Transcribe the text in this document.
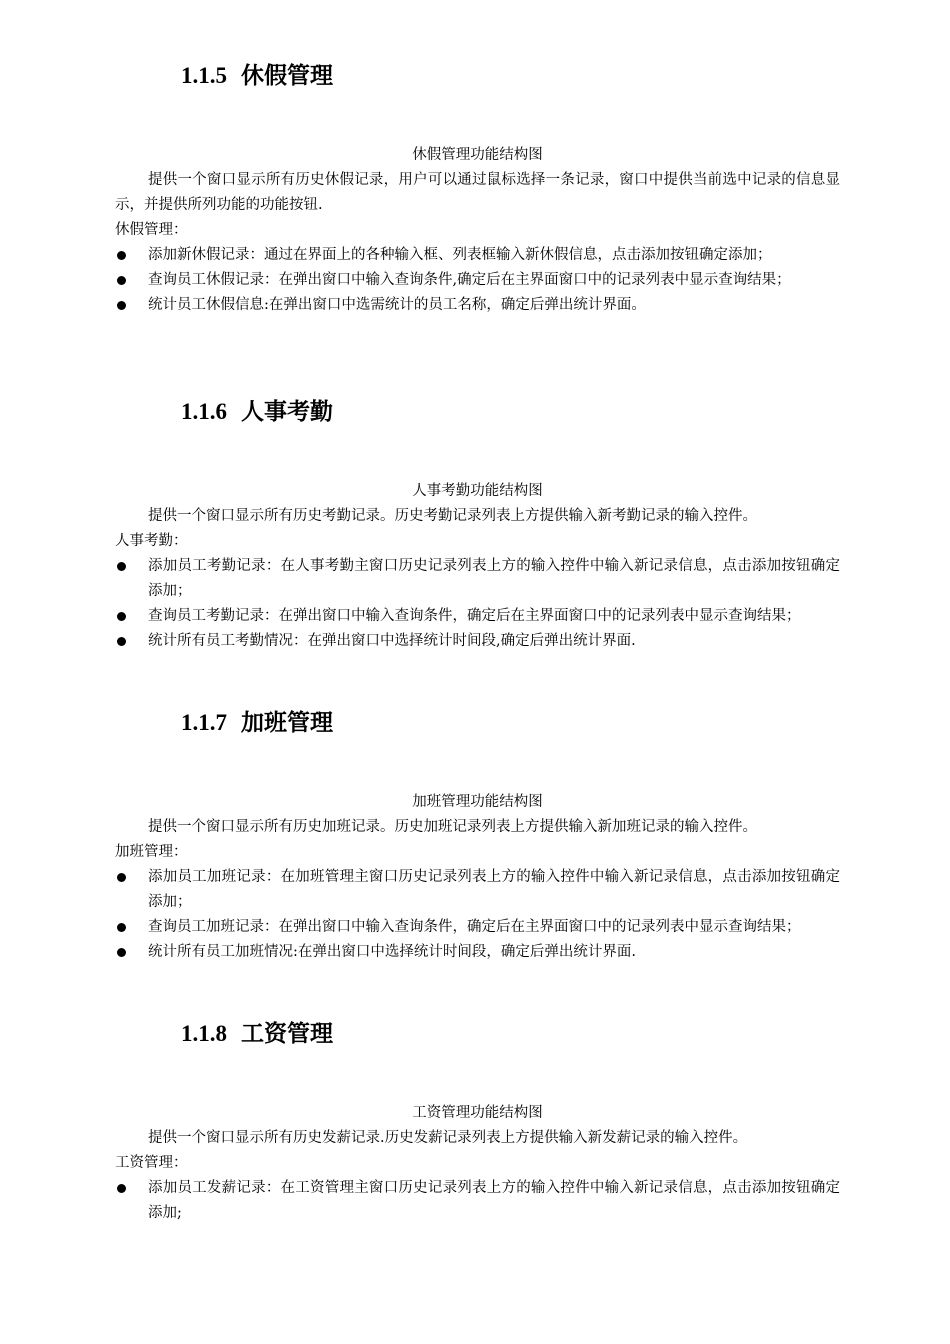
1.1.5 休假管理
休假管理功能结构图

提供一个窗口显示所有历史休假记录，用户可以通过鼠标选择一条记录，窗口中提供当前选中记录的信息显示，并提供所列功能的功能按钮.

休假管理：

添加新休假记录：通过在界面上的各种输入框、列表框输入新休假信息，点击添加按钮确定添加；
查询员工休假记录：在弹出窗口中输入查询条件,确定后在主界面窗口中的记录列表中显示查询结果；
统计员工休假信息:在弹出窗口中选需统计的员工名称，确定后弹出统计界面。
1.1.6 人事考勤
人事考勤功能结构图

提供一个窗口显示所有历史考勤记录。历史考勤记录列表上方提供输入新考勤记录的输入控件。

人事考勤：

添加员工考勤记录：在人事考勤主窗口历史记录列表上方的输入控件中输入新记录信息，点击添加按钮确定添加；
查询员工考勤记录：在弹出窗口中输入查询条件，确定后在主界面窗口中的记录列表中显示查询结果；
统计所有员工考勤情况：在弹出窗口中选择统计时间段,确定后弹出统计界面.
1.1.7 加班管理
加班管理功能结构图

提供一个窗口显示所有历史加班记录。历史加班记录列表上方提供输入新加班记录的输入控件。

加班管理：

添加员工加班记录：在加班管理主窗口历史记录列表上方的输入控件中输入新记录信息，点击添加按钮确定添加；
查询员工加班记录：在弹出窗口中输入查询条件，确定后在主界面窗口中的记录列表中显示查询结果；
统计所有员工加班情况:在弹出窗口中选择统计时间段，确定后弹出统计界面.
1.1.8 工资管理
工资管理功能结构图

提供一个窗口显示所有历史发薪记录.历史发薪记录列表上方提供输入新发薪记录的输入控件。

工资管理：

添加员工发薪记录：在工资管理主窗口历史记录列表上方的输入控件中输入新记录信息，点击添加按钮确定添加;
